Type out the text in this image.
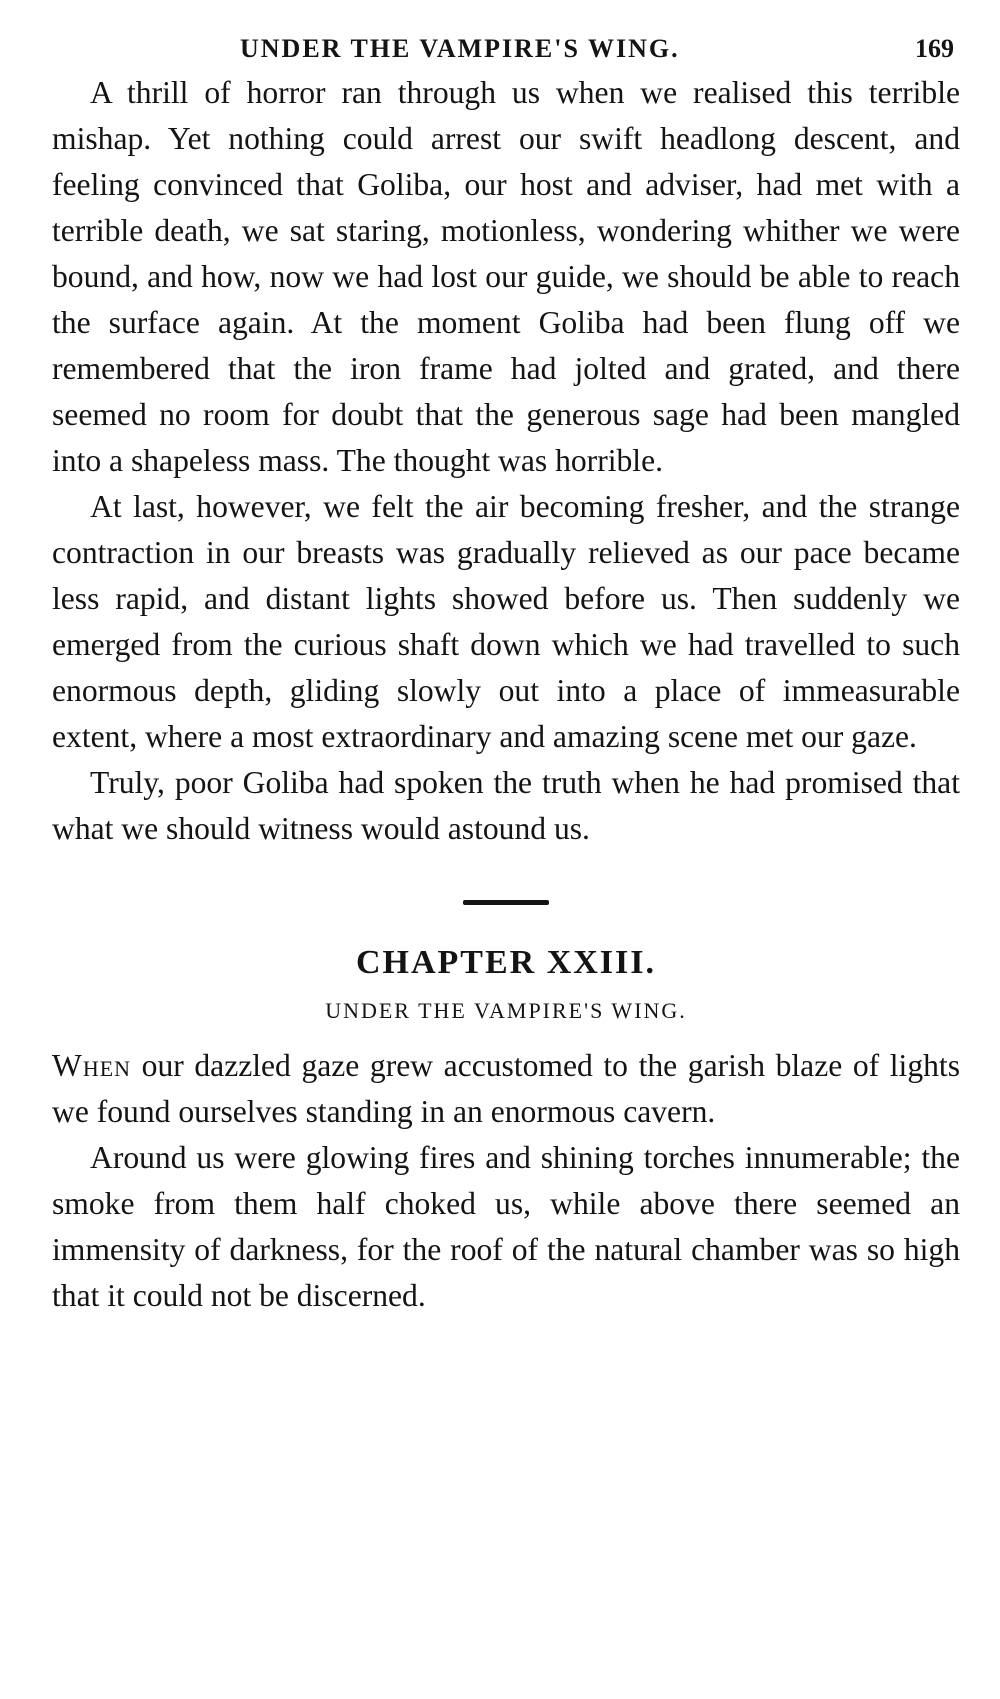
UNDER THE VAMPIRE'S WING.	169

A thrill of horror ran through us when we realised this terrible mishap. Yet nothing could arrest our swift headlong descent, and feeling convinced that Goliba, our host and adviser, had met with a terrible death, we sat staring, motionless, wondering whither we were bound, and how, now we had lost our guide, we should be able to reach the surface again. At the moment Goliba had been flung off we remembered that the iron frame had jolted and grated, and there seemed no room for doubt that the generous sage had been mangled into a shapeless mass. The thought was horrible.

At last, however, we felt the air becoming fresher, and the strange contraction in our breasts was gradually relieved as our pace became less rapid, and distant lights showed before us. Then suddenly we emerged from the curious shaft down which we had travelled to such enormous depth, gliding slowly out into a place of immeasurable extent, where a most extraordinary and amazing scene met our gaze.

Truly, poor Goliba had spoken the truth when he had promised that what we should witness would astound us.

CHAPTER XXIII.
UNDER THE VAMPIRE'S WING.

When our dazzled gaze grew accustomed to the garish blaze of lights we found ourselves standing in an enormous cavern.

Around us were glowing fires and shining torches innumerable; the smoke from them half choked us, while above there seemed an immensity of darkness, for the roof of the natural chamber was so high that it could not be discerned.
